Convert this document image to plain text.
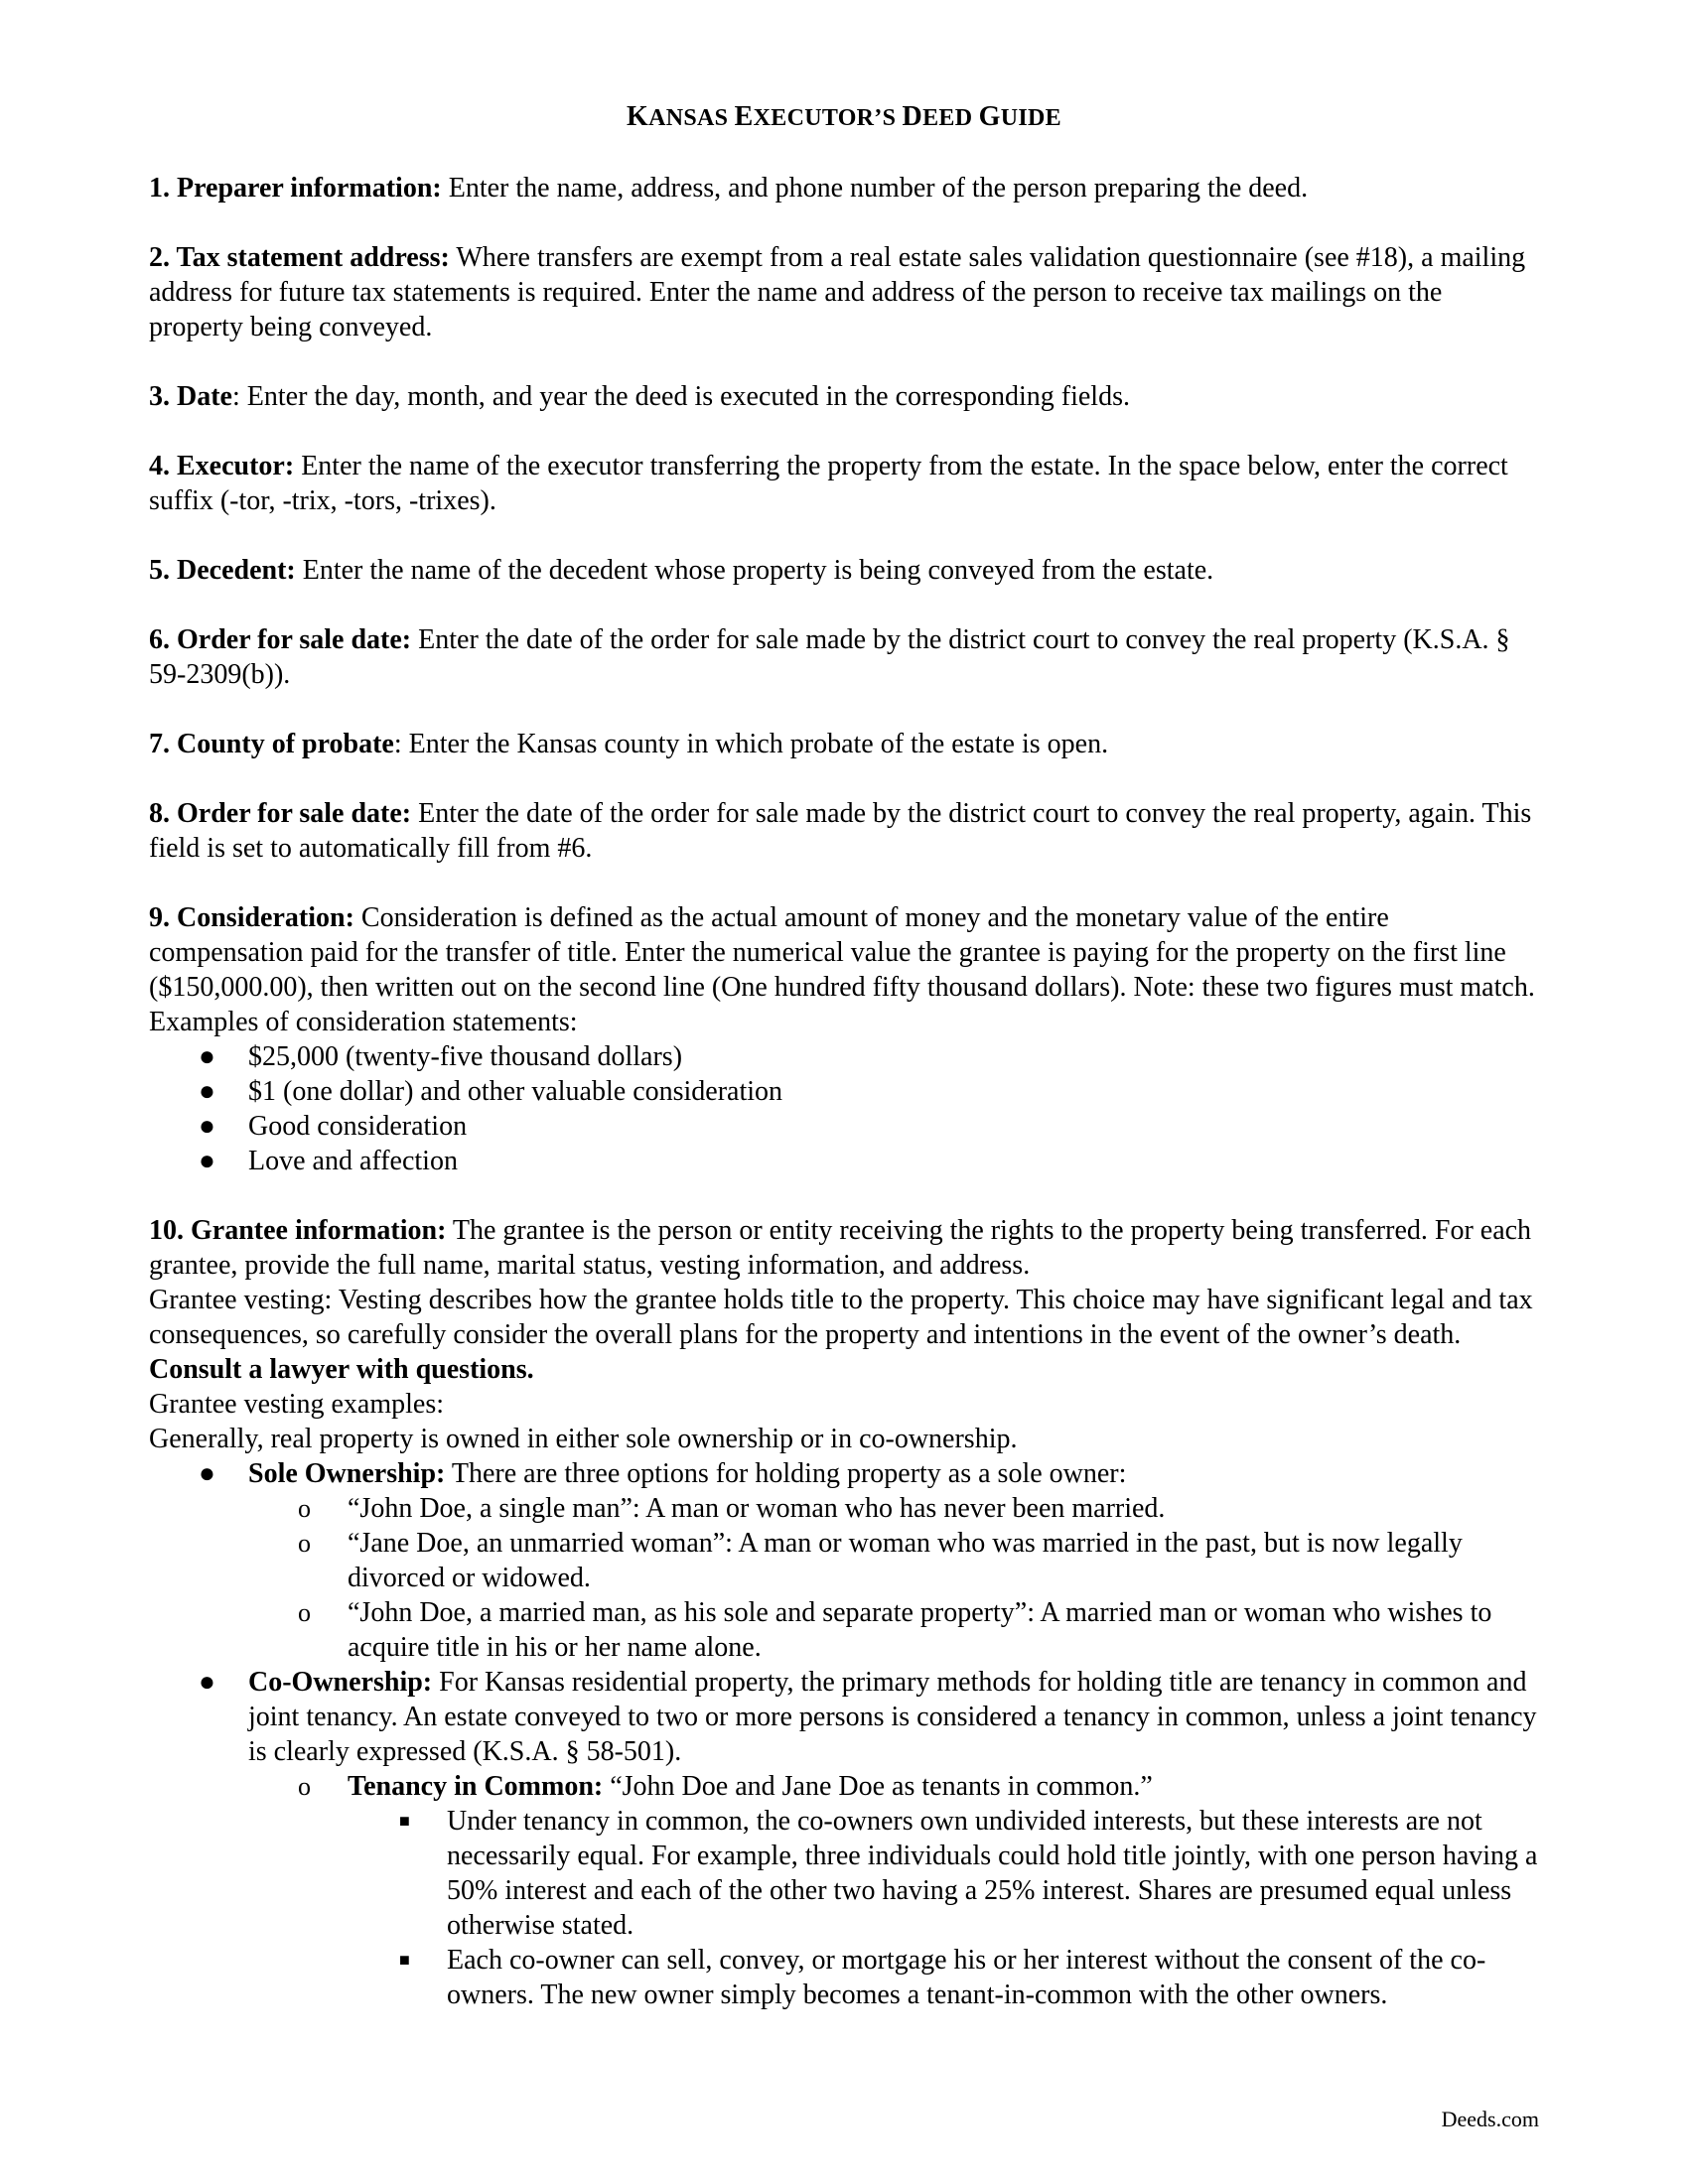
KANSAS EXECUTOR’S DEED GUIDE

1. Preparer information: Enter the name, address, and phone number of the person preparing the deed.

2. Tax statement address: Where transfers are exempt from a real estate sales validation questionnaire (see #18), a mailing address for future tax statements is required. Enter the name and address of the person to receive tax mailings on the property being conveyed.

3. Date: Enter the day, month, and year the deed is executed in the corresponding fields.

4. Executor: Enter the name of the executor transferring the property from the estate. In the space below, enter the correct suffix (-tor, -trix, -tors, -trixes).

5. Decedent: Enter the name of the decedent whose property is being conveyed from the estate.

6. Order for sale date: Enter the date of the order for sale made by the district court to convey the real property (K.S.A. § 59-2309(b)).

7. County of probate: Enter the Kansas county in which probate of the estate is open.

8. Order for sale date: Enter the date of the order for sale made by the district court to convey the real property, again. This field is set to automatically fill from #6.

9. Consideration: Consideration is defined as the actual amount of money and the monetary value of the entire compensation paid for the transfer of title. Enter the numerical value the grantee is paying for the property on the first line ($150,000.00), then written out on the second line (One hundred fifty thousand dollars). Note: these two figures must match. Examples of consideration statements:

● $25,000 (twenty-five thousand dollars)
● $1 (one dollar) and other valuable consideration
● Good consideration
● Love and affection

10. Grantee information: The grantee is the person or entity receiving the rights to the property being transferred. For each grantee, provide the full name, marital status, vesting information, and address.

Grantee vesting: Vesting describes how the grantee holds title to the property. This choice may have significant legal and tax consequences, so carefully consider the overall plans for the property and intentions in the event of the owner’s death. Consult a lawyer with questions.

Grantee vesting examples:

Generally, real property is owned in either sole ownership or in co-ownership.

● Sole Ownership: There are three options for holding property as a sole owner:
o “John Doe, a single man”: A man or woman who has never been married.
o “Jane Doe, an unmarried woman”: A man or woman who was married in the past, but is now legally divorced or widowed.
o “John Doe, a married man, as his sole and separate property”: A married man or woman who wishes to acquire title in his or her name alone.
● Co-Ownership: For Kansas residential property, the primary methods for holding title are tenancy in common and joint tenancy. An estate conveyed to two or more persons is considered a tenancy in common, unless a joint tenancy is clearly expressed (K.S.A. § 58-501).
o Tenancy in Common: “John Doe and Jane Doe as tenants in common.”
■ Under tenancy in common, the co-owners own undivided interests, but these interests are not necessarily equal. For example, three individuals could hold title jointly, with one person having a 50% interest and each of the other two having a 25% interest. Shares are presumed equal unless otherwise stated.
■ Each co-owner can sell, convey, or mortgage his or her interest without the consent of the co-owners. The new owner simply becomes a tenant-in-common with the other owners.
Deeds.com
